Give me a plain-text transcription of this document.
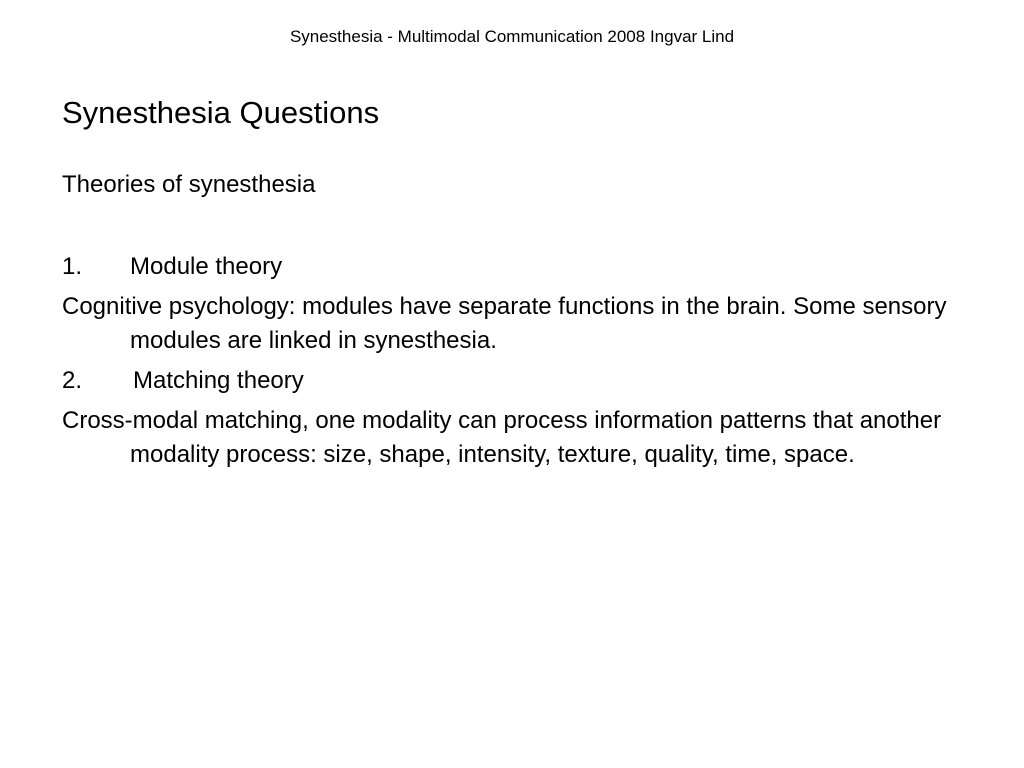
Synesthesia - Multimodal Communication 2008 Ingvar Lind
Synesthesia Questions

Theories of synesthesia

1. Module theory

Cognitive psychology: modules have separate functions in the brain. Some sensory modules are linked in synesthesia.

2. Matching theory

Cross-modal matching, one modality can process information patterns that another modality process: size, shape, intensity, texture, quality, time, space.
